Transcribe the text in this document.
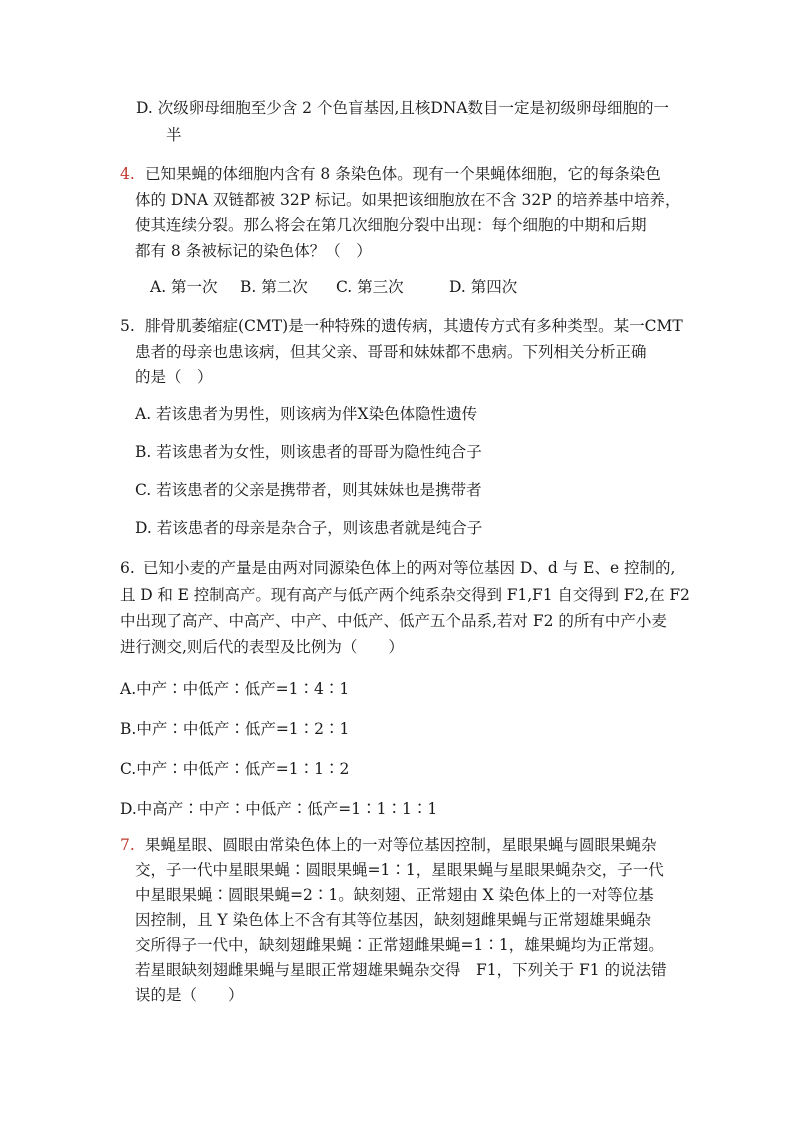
D. 次级卵母细胞至少含 2 个色盲基因,且核DNA数目一定是初级卵母细胞的一
半
4. 已知果蝇的体细胞内含有 8 条染色体。现有一个果蝇体细胞，它的每条染色
体的 DNA 双链都被 32P 标记。如果把该细胞放在不含 32P 的培养基中培养，
使其连续分裂。那么将会在第几次细胞分裂中出现：每个细胞的中期和后期
都有 8 条被标记的染色体？（　）
A. 第一次 B. 第二次 C. 第三次	D. 第四次
5. 腓骨肌萎缩症(CMT)是一种特殊的遗传病，其遗传方式有多种类型。某一CMT
患者的母亲也患该病，但其父亲、哥哥和妹妹都不患病。下列相关分析正确
的是（　）
A. 若该患者为男性，则该病为伴X染色体隐性遗传
B. 若该患者为女性，则该患者的哥哥为隐性纯合子
C. 若该患者的父亲是携带者，则其妹妹也是携带者
D. 若该患者的母亲是杂合子，则该患者就是纯合子
6. 已知小麦的产量是由两对同源染色体上的两对等位基因 D、d 与 E、e 控制的,
且 D 和 E 控制高产。现有高产与低产两个纯系杂交得到 F1,F1 自交得到 F2,在 F2
中出现了高产、中高产、中产、中低产、低产五个品系,若对 F2 的所有中产小麦
进行测交,则后代的表型及比例为（　　）
A.中产∶中低产∶低产=1∶4∶1
B.中产∶中低产∶低产=1∶2∶1
C.中产∶中低产∶低产=1∶1∶2
D.中高产∶中产∶中低产∶低产=1∶1∶1∶1
7. 果蝇星眼、圆眼由常染色体上的一对等位基因控制，星眼果蝇与圆眼果蝇杂
交，子一代中星眼果蝇∶圆眼果蝇=1∶1，星眼果蝇与星眼果蝇杂交，子一代
中星眼果蝇∶圆眼果蝇=2∶1。缺刻翅、正常翅由 X 染色体上的一对等位基
因控制，且 Y 染色体上不含有其等位基因，缺刻翅雌果蝇与正常翅雄果蝇杂
交所得子一代中，缺刻翅雌果蝇∶正常翅雌果蝇=1∶1，雄果蝇均为正常翅。
若星眼缺刻翅雌果蝇与星眼正常翅雄果蝇杂交得　F1，下列关于 F1 的说法错
误的是（　　）
